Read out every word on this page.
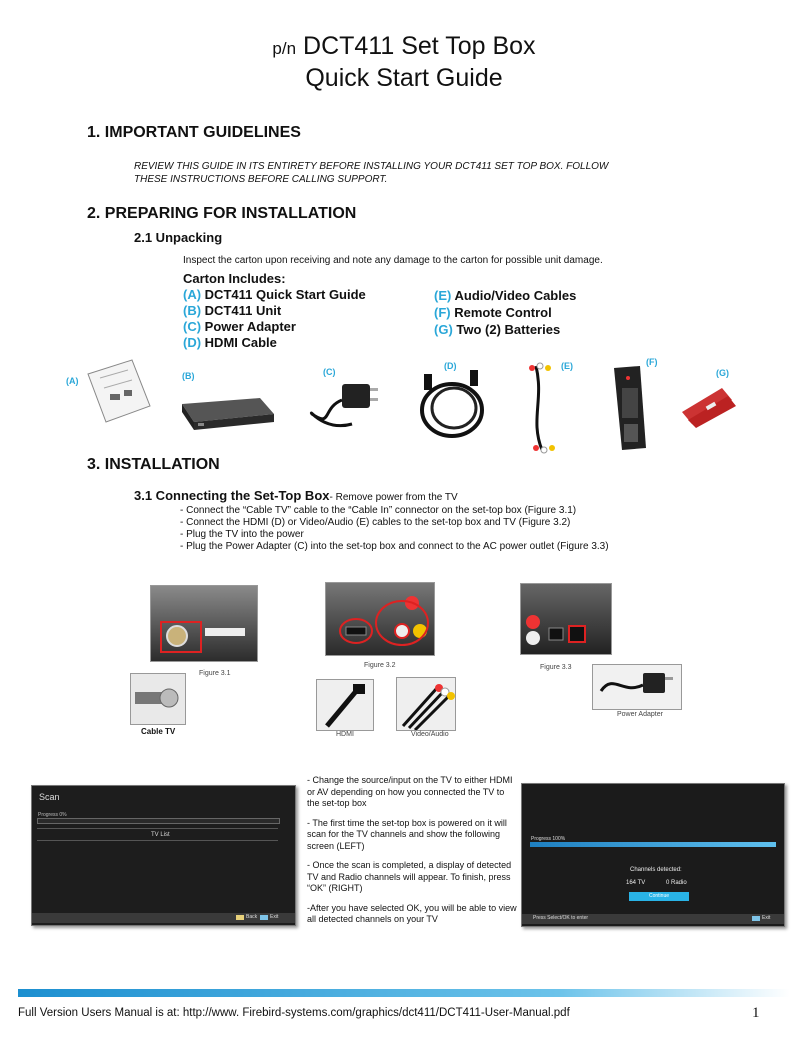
p/n DCT411 Set Top Box
Quick Start Guide
1. IMPORTANT GUIDELINES
REVIEW THIS GUIDE IN ITS ENTIRETY BEFORE INSTALLING YOUR DCT411 SET TOP BOX. FOLLOW
THESE INSTRUCTIONS BEFORE CALLING SUPPORT.
2. PREPARING FOR INSTALLATION
2.1 Unpacking
Inspect the carton upon receiving and note any damage to the carton for possible unit damage.
Carton Includes:
(A) DCT411 Quick Start Guide
(B) DCT411 Unit
(C) Power Adapter
(D) HDMI Cable
(E) Audio/Video Cables
(F) Remote Control
(G) Two (2) Batteries
(A)	(B)	(C)
(D)	(E)	(F)
(G)
3. INSTALLATION
3.1 Connecting the Set-Top Box- Remove power from the TV
- Connect the “Cable TV” cable to the “Cable In” connector on the set-top box (Figure 3.1)
- Connect the HDMI (D) or Video/Audio (E) cables to the set-top box and TV (Figure 3.2)
- Plug the TV into the power
- Plug the Power Adapter (C) into the set-top box and connect to the AC power outlet (Figure 3.3)
Figure 3.1
Cable TV
Figure 3.2
HDMI	Video/Audio
Figure 3.3
Power Adapter
Scan
Progress 0%
TV List
Back	Exit

- Change the source/input on the TV to either HDMI or AV depending on how you connected the TV to the set-top box

- The first time the set-top box is powered on it will scan for the TV channels and show the following screen (LEFT)

- Once the scan is completed, a display of detected TV and Radio channels will appear. To finish, press “OK” (RIGHT)

-After you have selected OK, you will be able to view all detected channels on your TV

Progress 100%
Channels detected:
164 TV	0 Radio
Continue
Press Select/OK to enter	Exit
Full Version Users Manual is at: http://www. Firebird-systems.com/graphics/dct411/DCT411-User-Manual.pdf	1
